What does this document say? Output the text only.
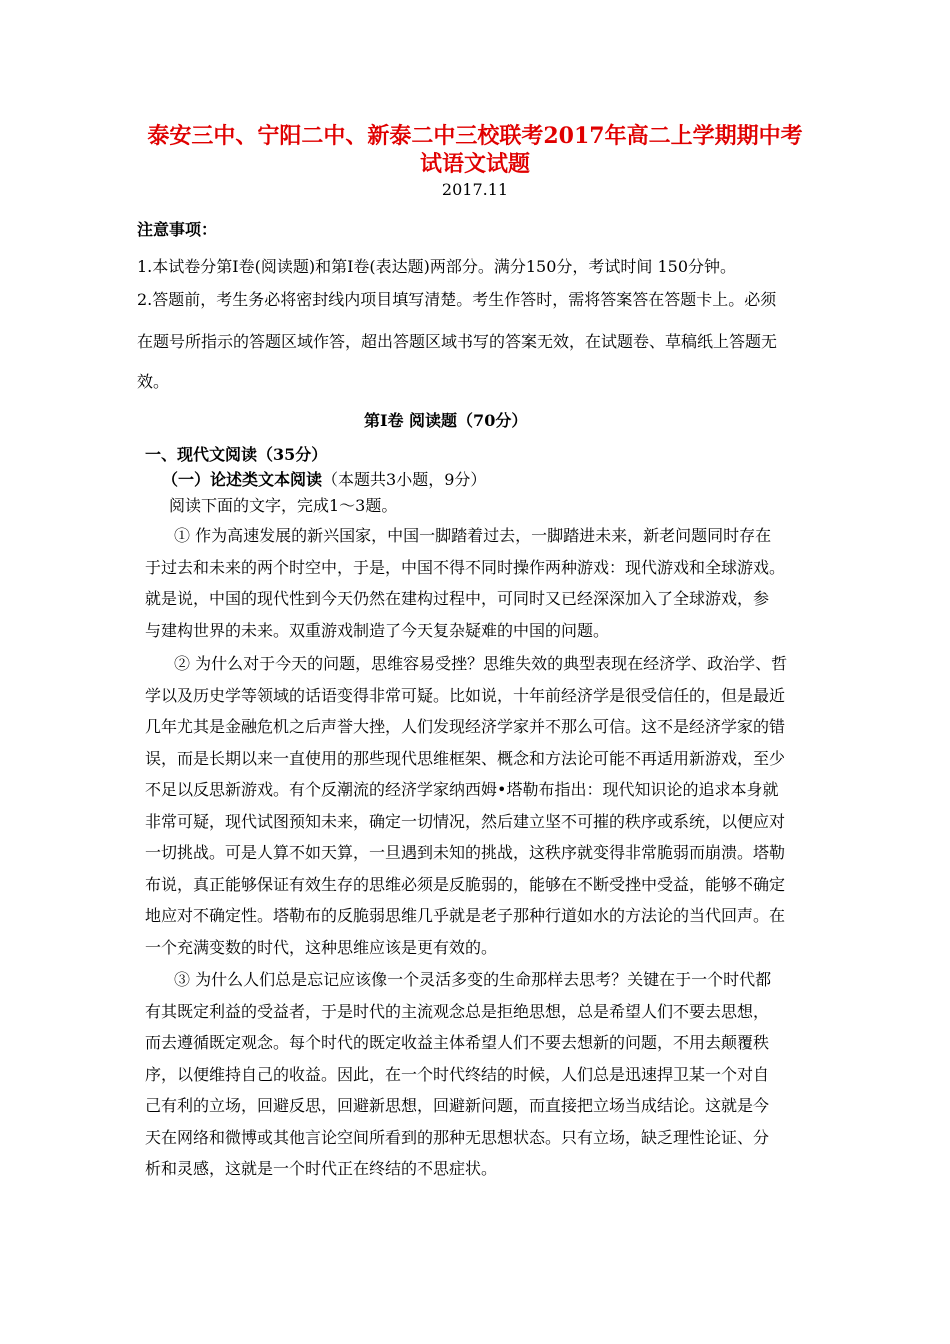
泰安三中、宁阳二中、新泰二中三校联考2017年高二上学期期中考
试语文试题
2017.11
注意事项：
1.本试卷分第Ⅰ卷(阅读题)和第Ⅰ卷(表达题)两部分。满分150分，考试时间 150分钟。
2.答题前，考生务必将密封线内项目填写清楚。考生作答时，需将答案答在答题卡上。必须
在题号所指示的答题区域作答，超出答题区域书写的答案无效，在试题卷、草稿纸上答题无
效。
第Ⅰ卷 阅读题（70分）
一、现代文阅读（35分）
（一）论述类文本阅读（本题共3小题，9分）
阅读下面的文字，完成1～3题。

① 作为高速发展的新兴国家，中国一脚踏着过去，一脚踏进未来，新老问题同时存在

于过去和未来的两个时空中，于是，中国不得不同时操作两种游戏：现代游戏和全球游戏。

就是说，中国的现代性到今天仍然在建构过程中，可同时又已经深深加入了全球游戏，参

与建构世界的未来。双重游戏制造了今天复杂疑难的中国的问题。

② 为什么对于今天的问题，思维容易受挫？思维失效的典型表现在经济学、政治学、哲

学以及历史学等领域的话语变得非常可疑。比如说，十年前经济学是很受信任的，但是最近

几年尤其是金融危机之后声誉大挫，人们发现经济学家并不那么可信。这不是经济学家的错

误，而是长期以来一直使用的那些现代思维框架、概念和方法论可能不再适用新游戏，至少

不足以反思新游戏。有个反潮流的经济学家纳西姆•塔勒布指出：现代知识论的追求本身就

非常可疑，现代试图预知未来，确定一切情况，然后建立坚不可摧的秩序或系统，以便应对

一切挑战。可是人算不如天算，一旦遇到未知的挑战，这秩序就变得非常脆弱而崩溃。塔勒

布说，真正能够保证有效生存的思维必须是反脆弱的，能够在不断受挫中受益，能够不确定

地应对不确定性。塔勒布的反脆弱思维几乎就是老子那种行道如水的方法论的当代回声。在

一个充满变数的时代，这种思维应该是更有效的。

③ 为什么人们总是忘记应该像一个灵活多变的生命那样去思考？关键在于一个时代都

有其既定利益的受益者，于是时代的主流观念总是拒绝思想，总是希望人们不要去思想，

而去遵循既定观念。每个时代的既定收益主体希望人们不要去想新的问题，不用去颠覆秩

序，以便维持自己的收益。因此，在一个时代终结的时候，人们总是迅速捍卫某一个对自

己有利的立场，回避反思，回避新思想，回避新问题，而直接把立场当成结论。这就是今

天在网络和微博或其他言论空间所看到的那种无思想状态。只有立场，缺乏理性论证、分

析和灵感，这就是一个时代正在终结的不思症状。
